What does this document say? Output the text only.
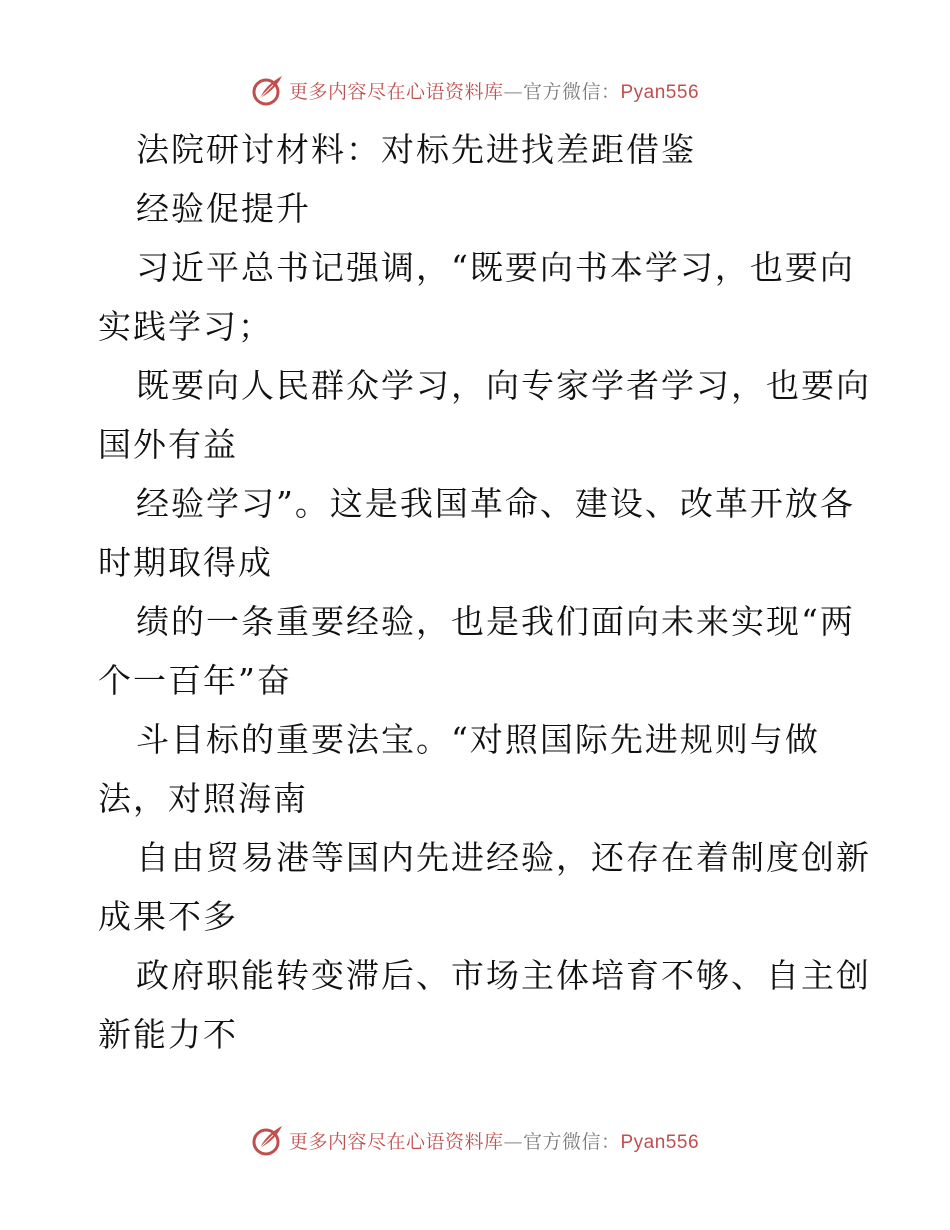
更多内容尽在心语资料库—官方微信：Pyan556
法院研讨材料：对标先进找差距借鉴
经验促提升
习近平总书记强调，“既要向书本学习，也要向
实践学习；
既要向人民群众学习，向专家学者学习，也要向
国外有益
经验学习”。这是我国革命、建设、改革开放各
时期取得成
绩的一条重要经验，也是我们面向未来实现“两
个一百年”奋
斗目标的重要法宝。“对照国际先进规则与做
法，对照海南
自由贸易港等国内先进经验，还存在着制度创新
成果不多
政府职能转变滞后、市场主体培育不够、自主创
新能力不
更多内容尽在心语资料库—官方微信：Pyan556
